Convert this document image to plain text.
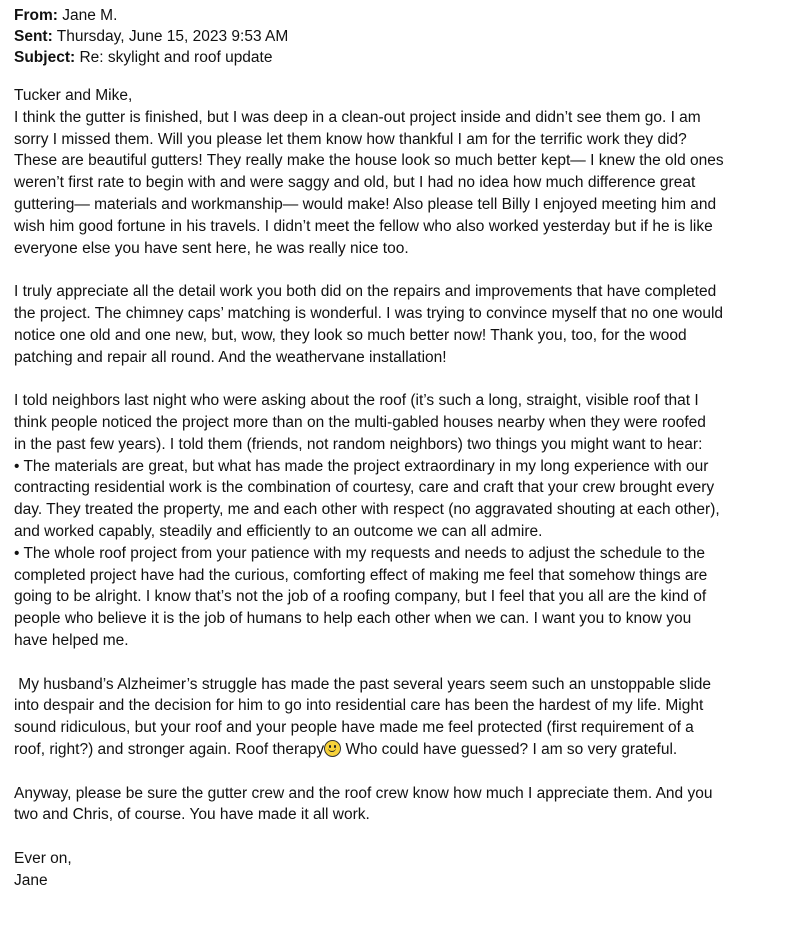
From: Jane M.
Sent: Thursday, June 15, 2023 9:53 AM
Subject: Re: skylight and roof update
Tucker and Mike,
I think the gutter is finished, but I was deep in a clean-out project inside and didn’t see them go. I am
sorry I missed them. Will you please let them know how thankful I am for the terrific work they did?
These are beautiful gutters! They really make the house look so much better kept— I knew the old ones
weren’t first rate to begin with and were saggy and old, but I had no idea how much difference great
guttering— materials and workmanship— would make! Also please tell Billy I enjoyed meeting him and
wish him good fortune in his travels. I didn’t meet the fellow who also worked yesterday but if he is like
everyone else you have sent here, he was really nice too.
I truly appreciate all the detail work you both did on the repairs and improvements that have completed
the project. The chimney caps’ matching is wonderful. I was trying to convince myself that no one would
notice one old and one new, but, wow, they look so much better now! Thank you, too, for the wood
patching and repair all round. And the weathervane installation!
I told neighbors last night who were asking about the roof (it’s such a long, straight, visible roof that I
think people noticed the project more than on the multi-gabled houses nearby when they were roofed
in the past few years). I told them (friends, not random neighbors) two things you might want to hear:
• The materials are great, but what has made the project extraordinary in my long experience with our
contracting residential work is the combination of courtesy, care and craft that your crew brought every
day. They treated the property, me and each other with respect (no aggravated shouting at each other),
and worked capably, steadily and efficiently to an outcome we can all admire.
• The whole roof project from your patience with my requests and needs to adjust the schedule to the
completed project have had the curious, comforting effect of making me feel that somehow things are
going to be alright. I know that’s not the job of a roofing company, but I feel that you all are the kind of
people who believe it is the job of humans to help each other when we can. I want you to know you
have helped me.
My husband’s Alzheimer’s struggle has made the past several years seem such an unstoppable slide
into despair and the decision for him to go into residential care has been the hardest of my life. Might
sound ridiculous, but your roof and your people have made me feel protected (first requirement of a
roof, right?) and stronger again. Roof therapy Who could have guessed? I am so very grateful.
Anyway, please be sure the gutter crew and the roof crew know how much I appreciate them. And you
two and Chris, of course. You have made it all work.
Ever on,
Jane
